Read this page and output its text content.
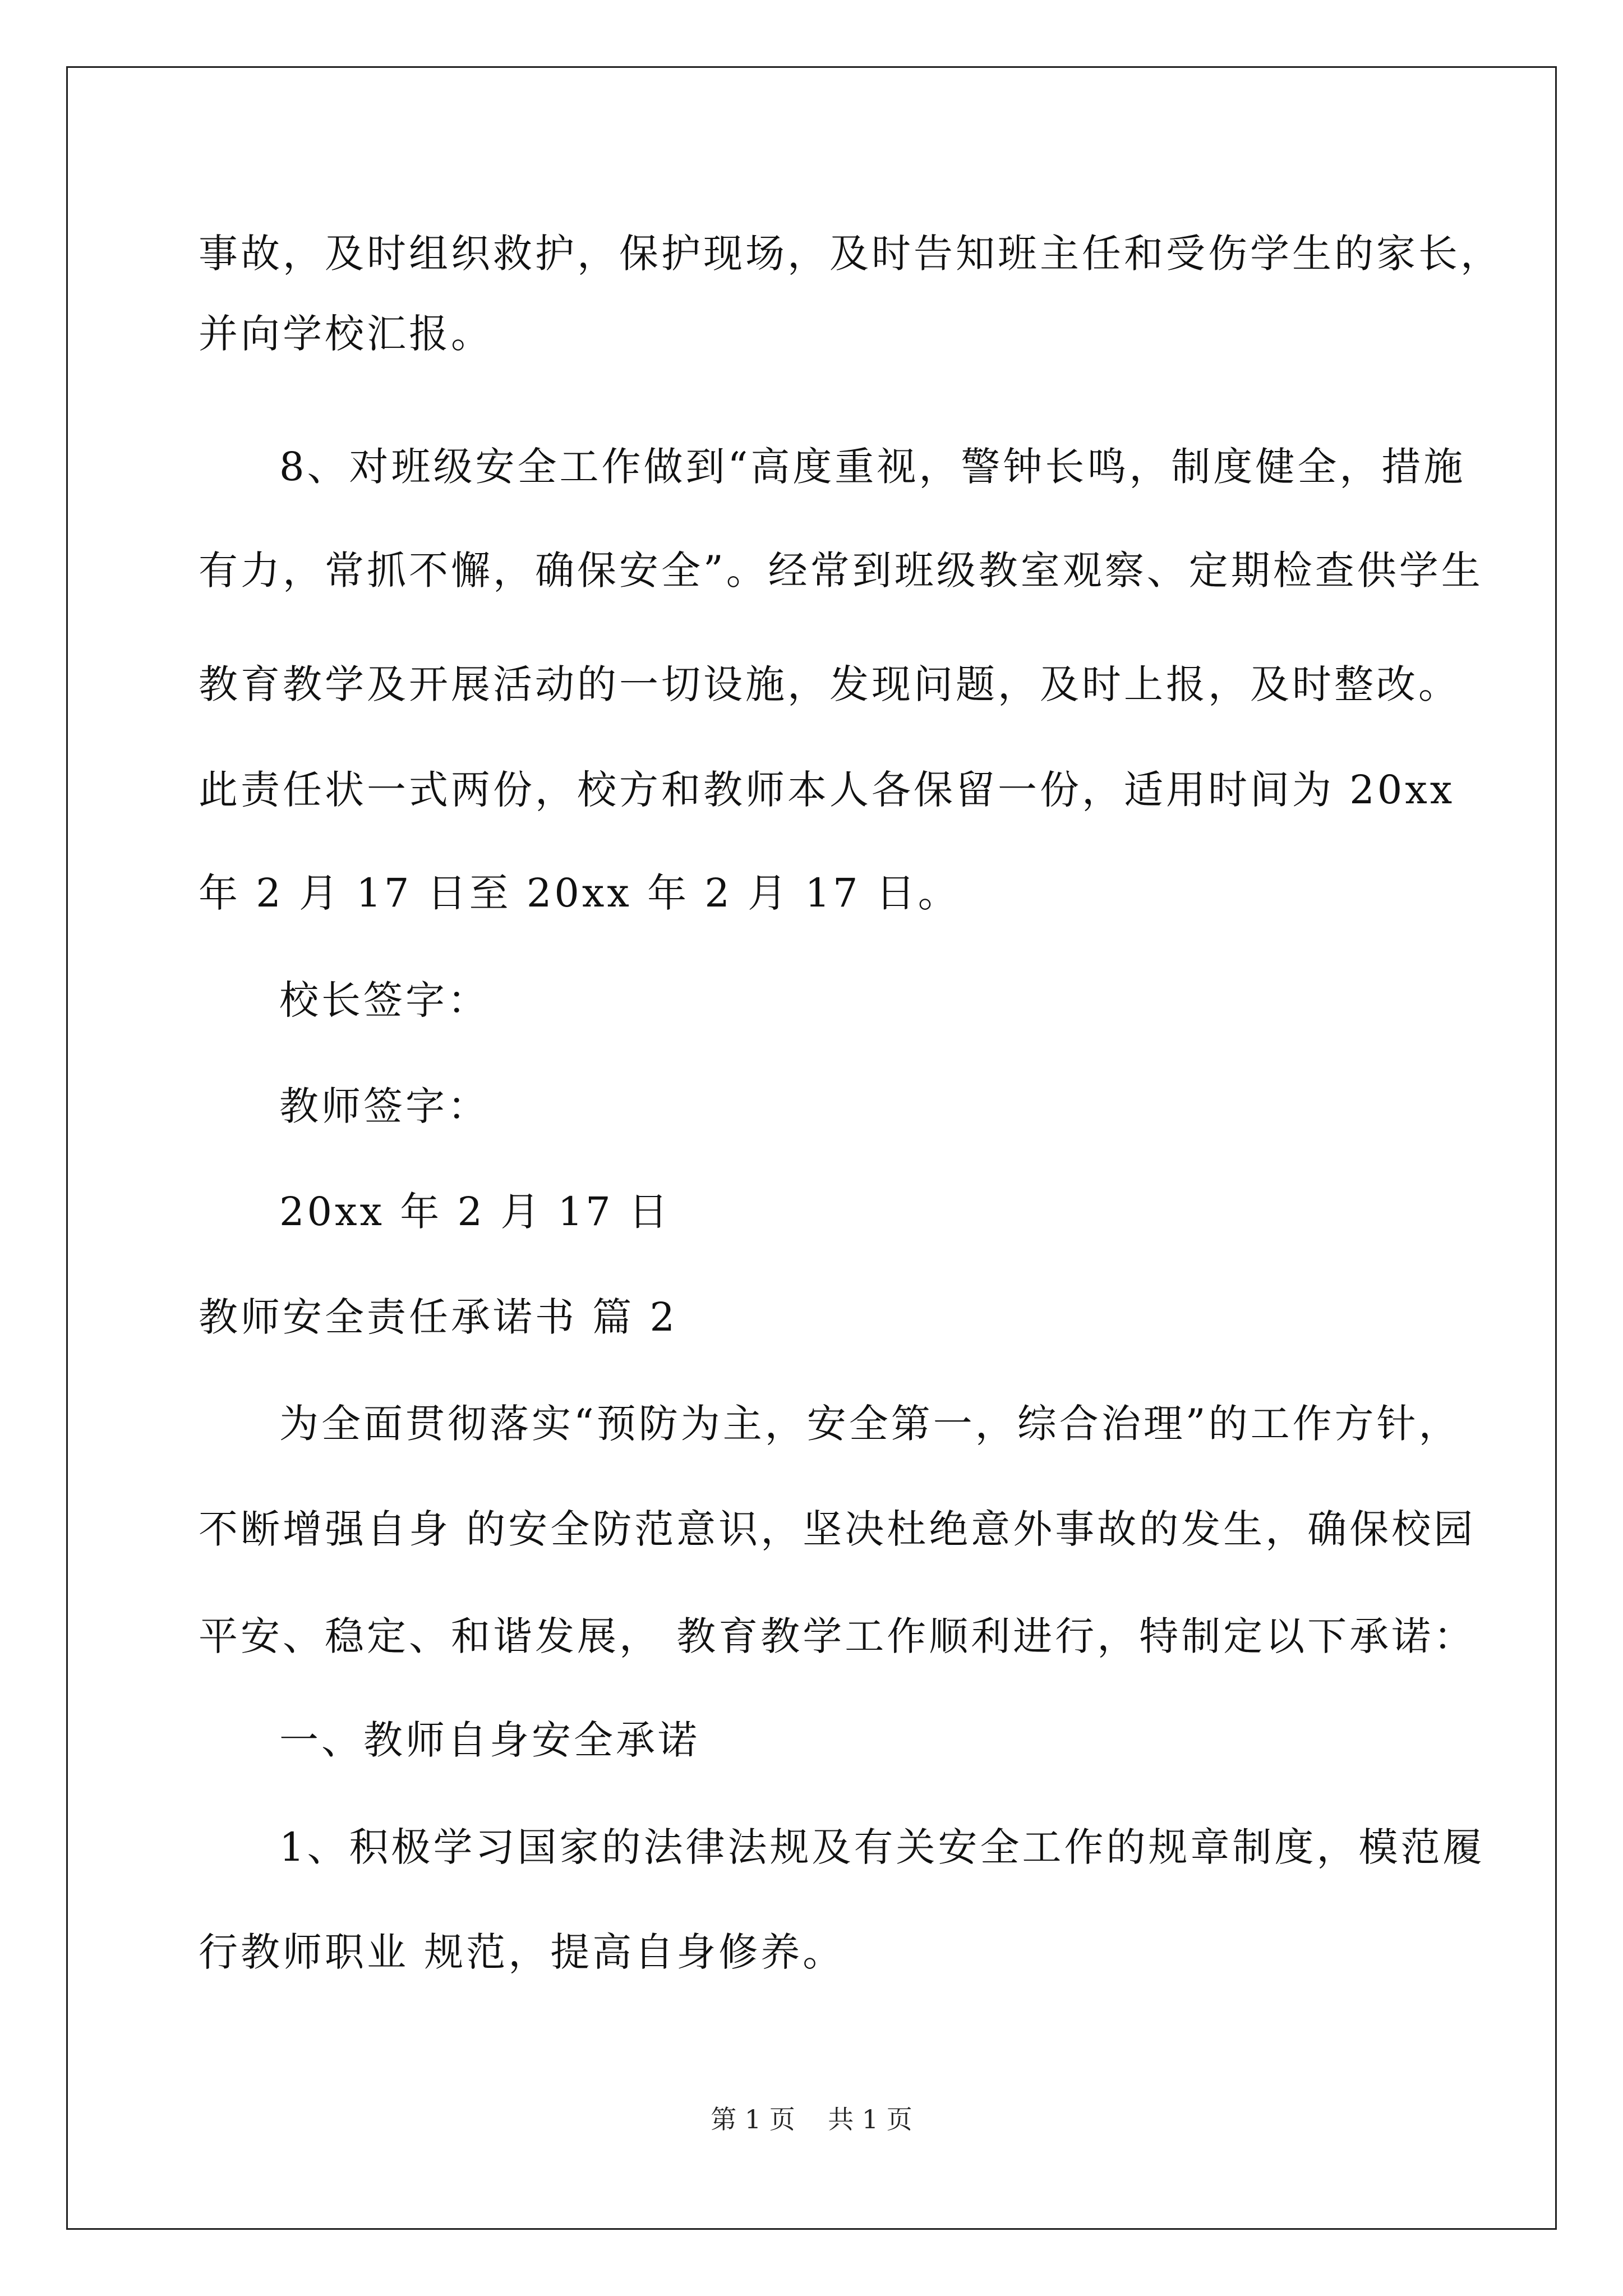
事故，及时组织救护，保护现场，及时告知班主任和受伤学生的家长，

并向学校汇报。

8、对班级安全工作做到“高度重视，警钟长鸣，制度健全，措施

有力，常抓不懈，确保安全”。经常到班级教室观察、定期检查供学生

教育教学及开展活动的一切设施，发现问题，及时上报，及时整改。

此责任状一式两份，校方和教师本人各保留一份，适用时间为 20xx

年 2 月 17 日至 20xx 年 2 月 17 日。

校长签字：

教师签字：

20xx 年 2 月 17 日

教师安全责任承诺书 篇 2

为全面贯彻落实“预防为主，安全第一，综合治理”的工作方针，

不断增强自身 的安全防范意识，坚决杜绝意外事故的发生，确保校园

平安、稳定、和谐发展， 教育教学工作顺利进行，特制定以下承诺：

一、教师自身安全承诺

1、积极学习国家的法律法规及有关安全工作的规章制度，模范履

行教师职业 规范，提高自身修养。

第 1 页    共 1 页
